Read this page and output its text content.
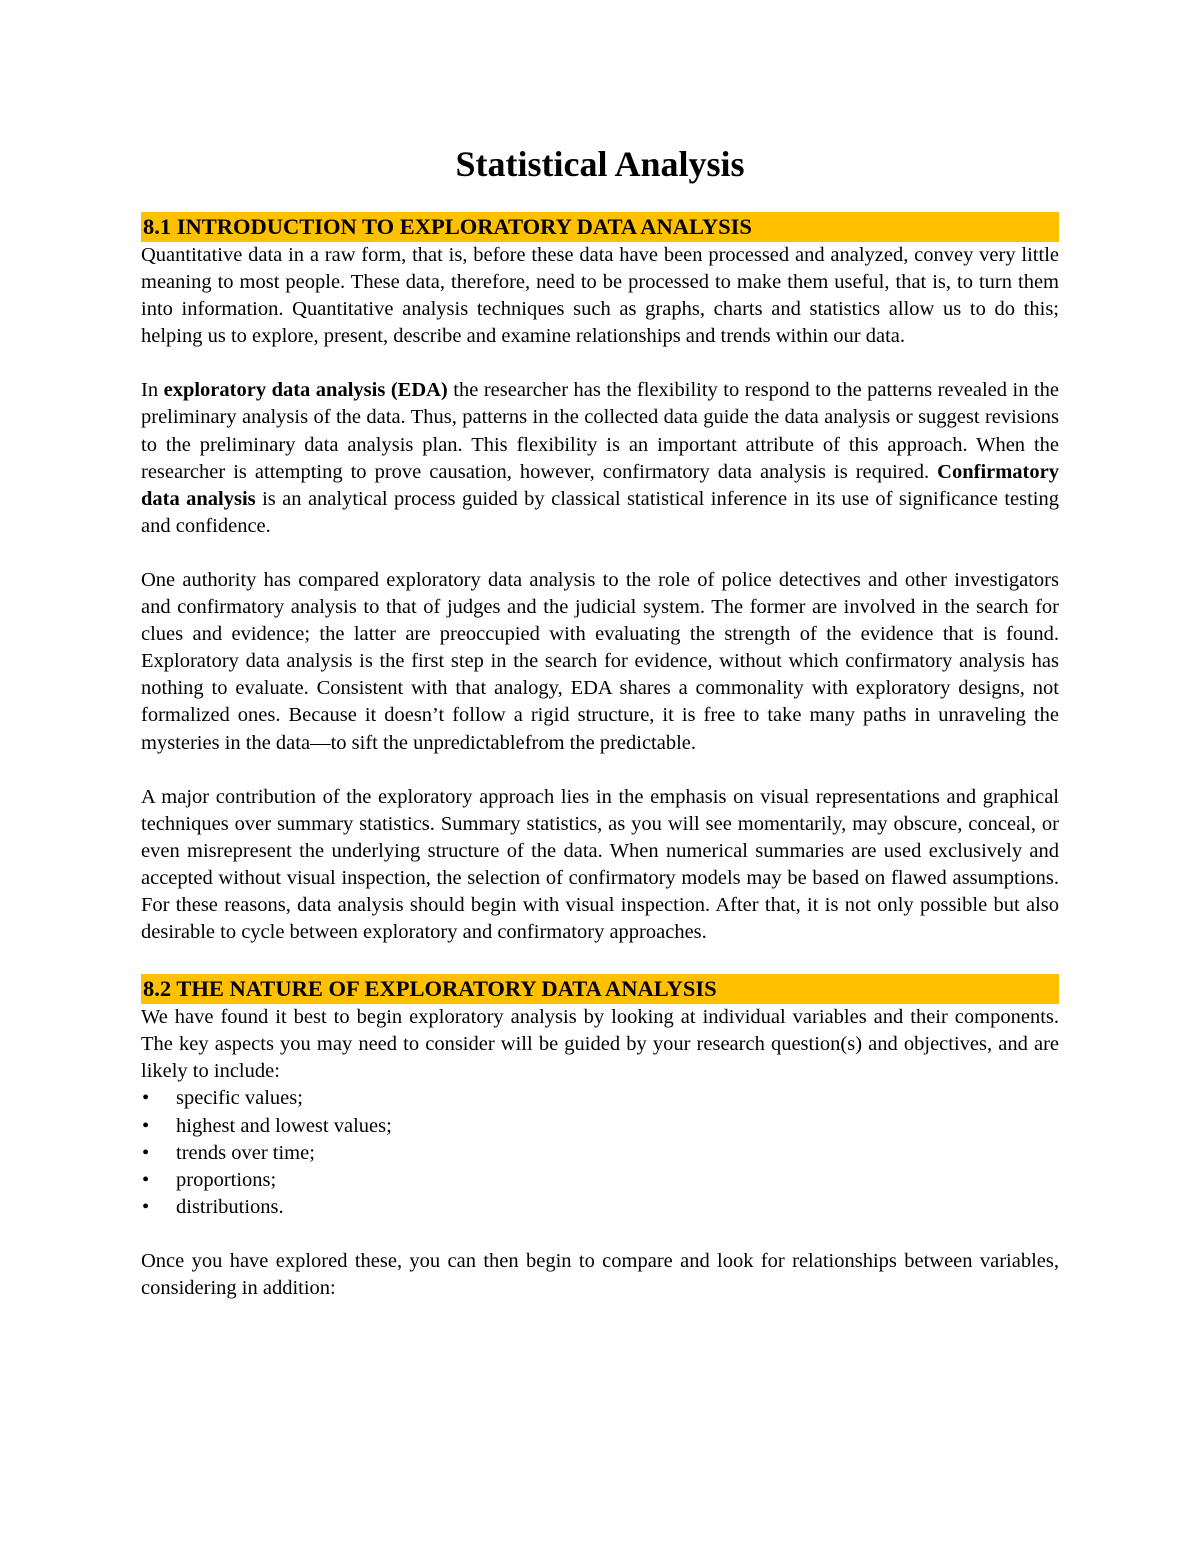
Statistical Analysis
8.1 INTRODUCTION TO EXPLORATORY DATA ANALYSIS

Quantitative data in a raw form, that is, before these data have been processed and analyzed, convey very little meaning to most people. These data, therefore, need to be processed to make them useful, that is, to turn them into information. Quantitative analysis techniques such as graphs, charts and statistics allow us to do this; helping us to explore, present, describe and examine relationships and trends within our data.

In exploratory data analysis (EDA) the researcher has the flexibility to respond to the patterns revealed in the preliminary analysis of the data. Thus, patterns in the collected data guide the data analysis or suggest revisions to the preliminary data analysis plan. This flexibility is an important attribute of this approach. When the researcher is attempting to prove causation, however, confirmatory data analysis is required. Confirmatory data analysis is an analytical process guided by classical statistical inference in its use of significance testing and confidence.

One authority has compared exploratory data analysis to the role of police detectives and other investigators and confirmatory analysis to that of judges and the judicial system. The former are involved in the search for clues and evidence; the latter are preoccupied with evaluating the strength of the evidence that is found. Exploratory data analysis is the first step in the search for evidence, without which confirmatory analysis has nothing to evaluate. Consistent with that analogy, EDA shares a commonality with exploratory designs, not formalized ones. Because it doesn’t follow a rigid structure, it is free to take many paths in unraveling the mysteries in the data—to sift the unpredictablefrom the predictable.

A major contribution of the exploratory approach lies in the emphasis on visual representations and graphical techniques over summary statistics. Summary statistics, as you will see momentarily, may obscure, conceal, or even misrepresent the underlying structure of the data. When numerical summaries are used exclusively and accepted without visual inspection, the selection of confirmatory models may be based on flawed assumptions. For these reasons, data analysis should begin with visual inspection. After that, it is not only possible but also desirable to cycle between exploratory and confirmatory approaches.

8.2 THE NATURE OF EXPLORATORY DATA ANALYSIS

We have found it best to begin exploratory analysis by looking at individual variables and their components. The key aspects you may need to consider will be guided by your research question(s) and objectives, and are likely to include:

• specific values;
• highest and lowest values;
• trends over time;
• proportions;
• distributions.

Once you have explored these, you can then begin to compare and look for relationships between variables, considering in addition:
